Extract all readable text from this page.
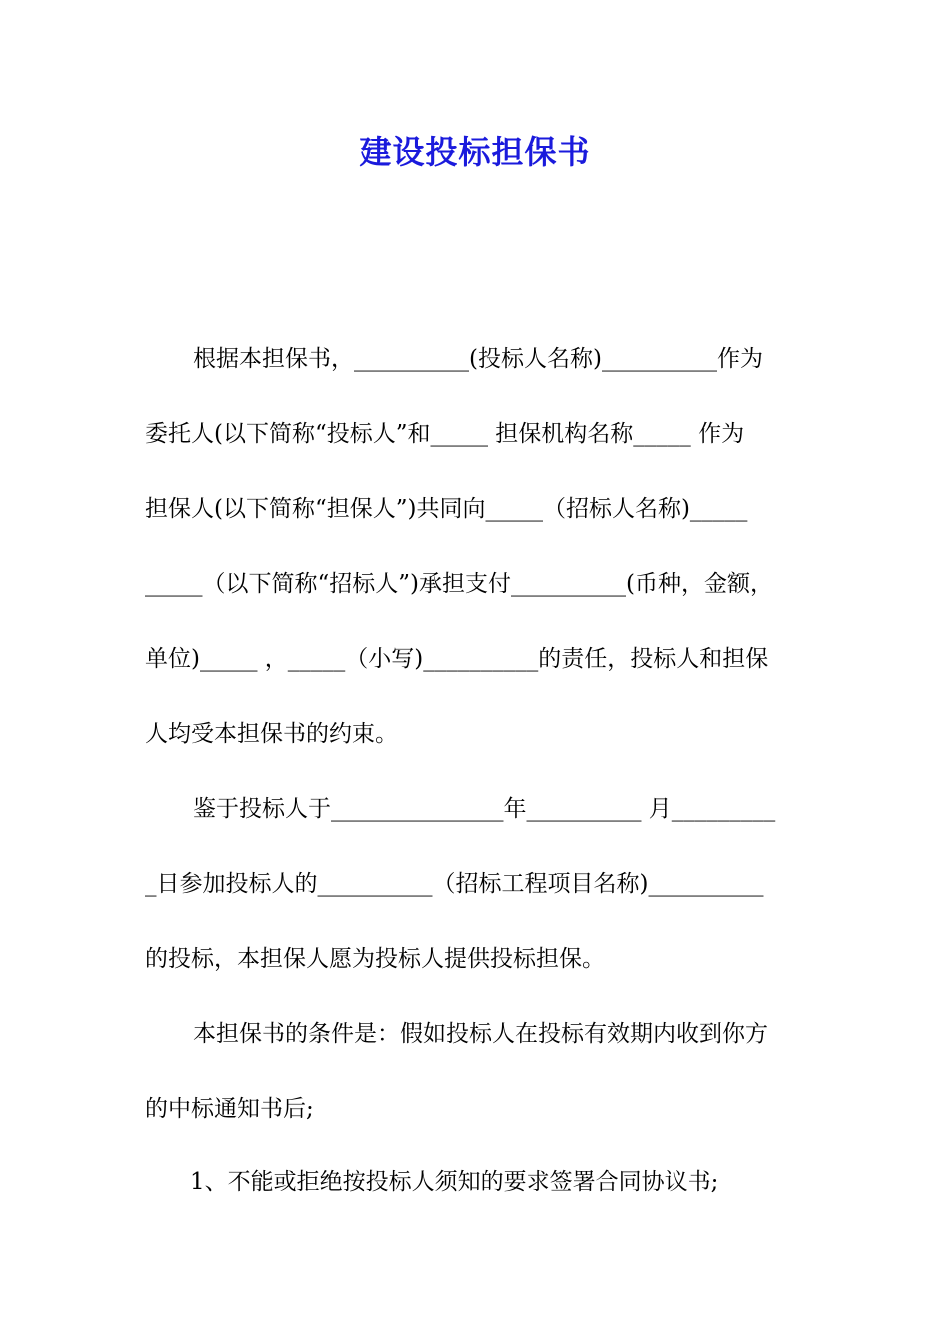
建设投标担保书

根据本担保书，__________(投标人名称)__________作为

委托人(以下简称“投标人”和_____ 担保机构名称_____ 作为

担保人(以下简称“担保人”)共同向_____（招标人名称)_____

_____（以下简称“招标人”)承担支付__________(币种，金额，

单位)_____ ，_____（小写)__________的责任，投标人和担保

人均受本担保书的约束。

鉴于投标人于_______________年__________ 月_________

_日参加投标人的__________（招标工程项目名称)__________

的投标，本担保人愿为投标人提供投标担保。

本担保书的条件是：假如投标人在投标有效期内收到你方

的中标通知书后;

1、不能或拒绝按投标人须知的要求签署合同协议书;
